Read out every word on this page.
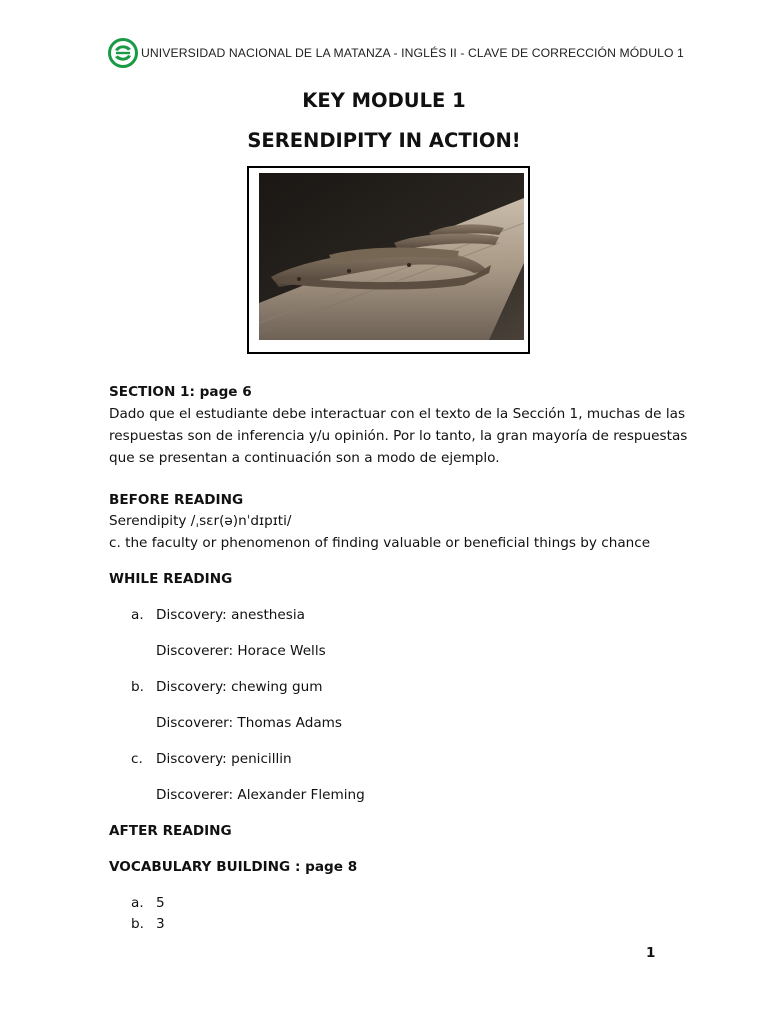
UNIVERSIDAD NACIONAL DE LA MATANZA - INGLÉS II - CLAVE DE CORRECCIÓN MÓDULO 1
KEY MODULE 1
SERENDIPITY IN ACTION!
SECTION 1: page 6
Dado que el estudiante debe interactuar con el texto de la Sección 1, muchas de las
respuestas son de inferencia y/u opinión. Por lo tanto, la gran mayoría de respuestas
que se presentan a continuación son a modo de ejemplo.
BEFORE READING
Serendipity /ˌsɛr(ə)nˈdɪpɪti/
c. the faculty or phenomenon of finding valuable or beneficial things by chance
WHILE READING
a. Discovery: anesthesia
Discoverer: Horace Wells
b. Discovery: chewing gum
Discoverer: Thomas Adams
c. Discovery: penicillin
Discoverer: Alexander Fleming
AFTER READING
VOCABULARY BUILDING : page 8
a. 5
b. 3
1
